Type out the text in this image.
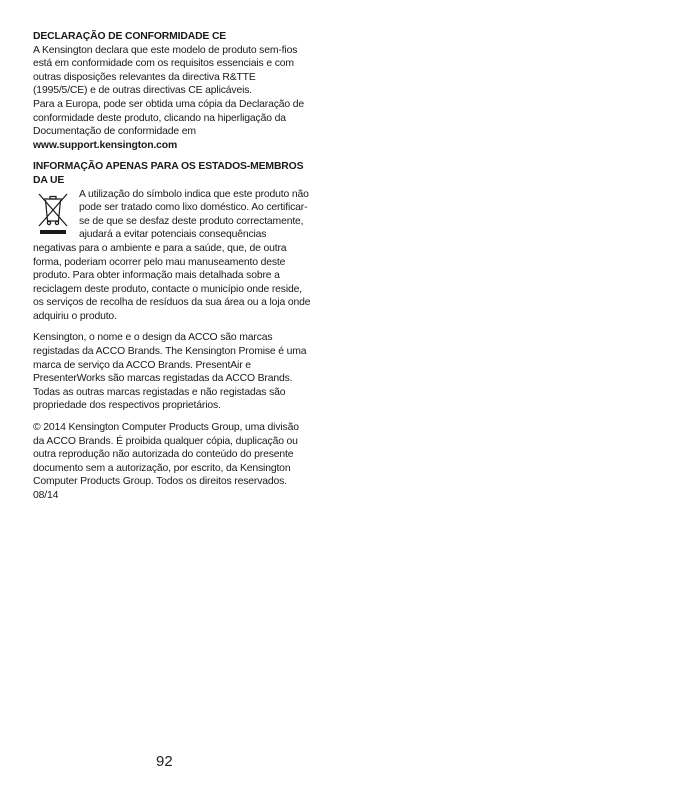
DECLARAÇÃO DE CONFORMIDADE CE

A Kensington declara que este modelo de produto sem-fios está em conformidade com os requisitos essenciais e com outras disposições relevantes da directiva R&TTE (1995/5/CE) e de outras directivas CE aplicáveis.

Para a Europa, pode ser obtida uma cópia da Declaração de conformidade deste produto, clicando na hiperligação da Documentação de conformidade em www.support.kensington.com

INFORMAÇÃO APENAS PARA OS ESTADOS-MEMBROS DA UE

A utilização do símbolo indica que este produto não pode ser tratado como lixo doméstico. Ao certificar-se de que se desfaz deste produto correctamente, ajudará a evitar potenciais consequências negativas para o ambiente e para a saúde, que, de outra forma, poderiam ocorrer pelo mau manuseamento deste produto. Para obter informação mais detalhada sobre a reciclagem deste produto, contacte o município onde reside, os serviços de recolha de resíduos da sua área ou a loja onde adquiriu o produto.

Kensington, o nome e o design da ACCO são marcas registadas da ACCO Brands. The Kensington Promise é uma marca de serviço da ACCO Brands. PresentAir e PresenterWorks são marcas registadas da ACCO Brands. Todas as outras marcas registadas e não registadas são propriedade dos respectivos proprietários.

© 2014 Kensington Computer Products Group, uma divisão da ACCO Brands. É proibida qualquer cópia, duplicação ou outra reprodução não autorizada do conteúdo do presente documento sem a autorização, por escrito, da Kensington Computer Products Group. Todos os direitos reservados. 08/14

92
